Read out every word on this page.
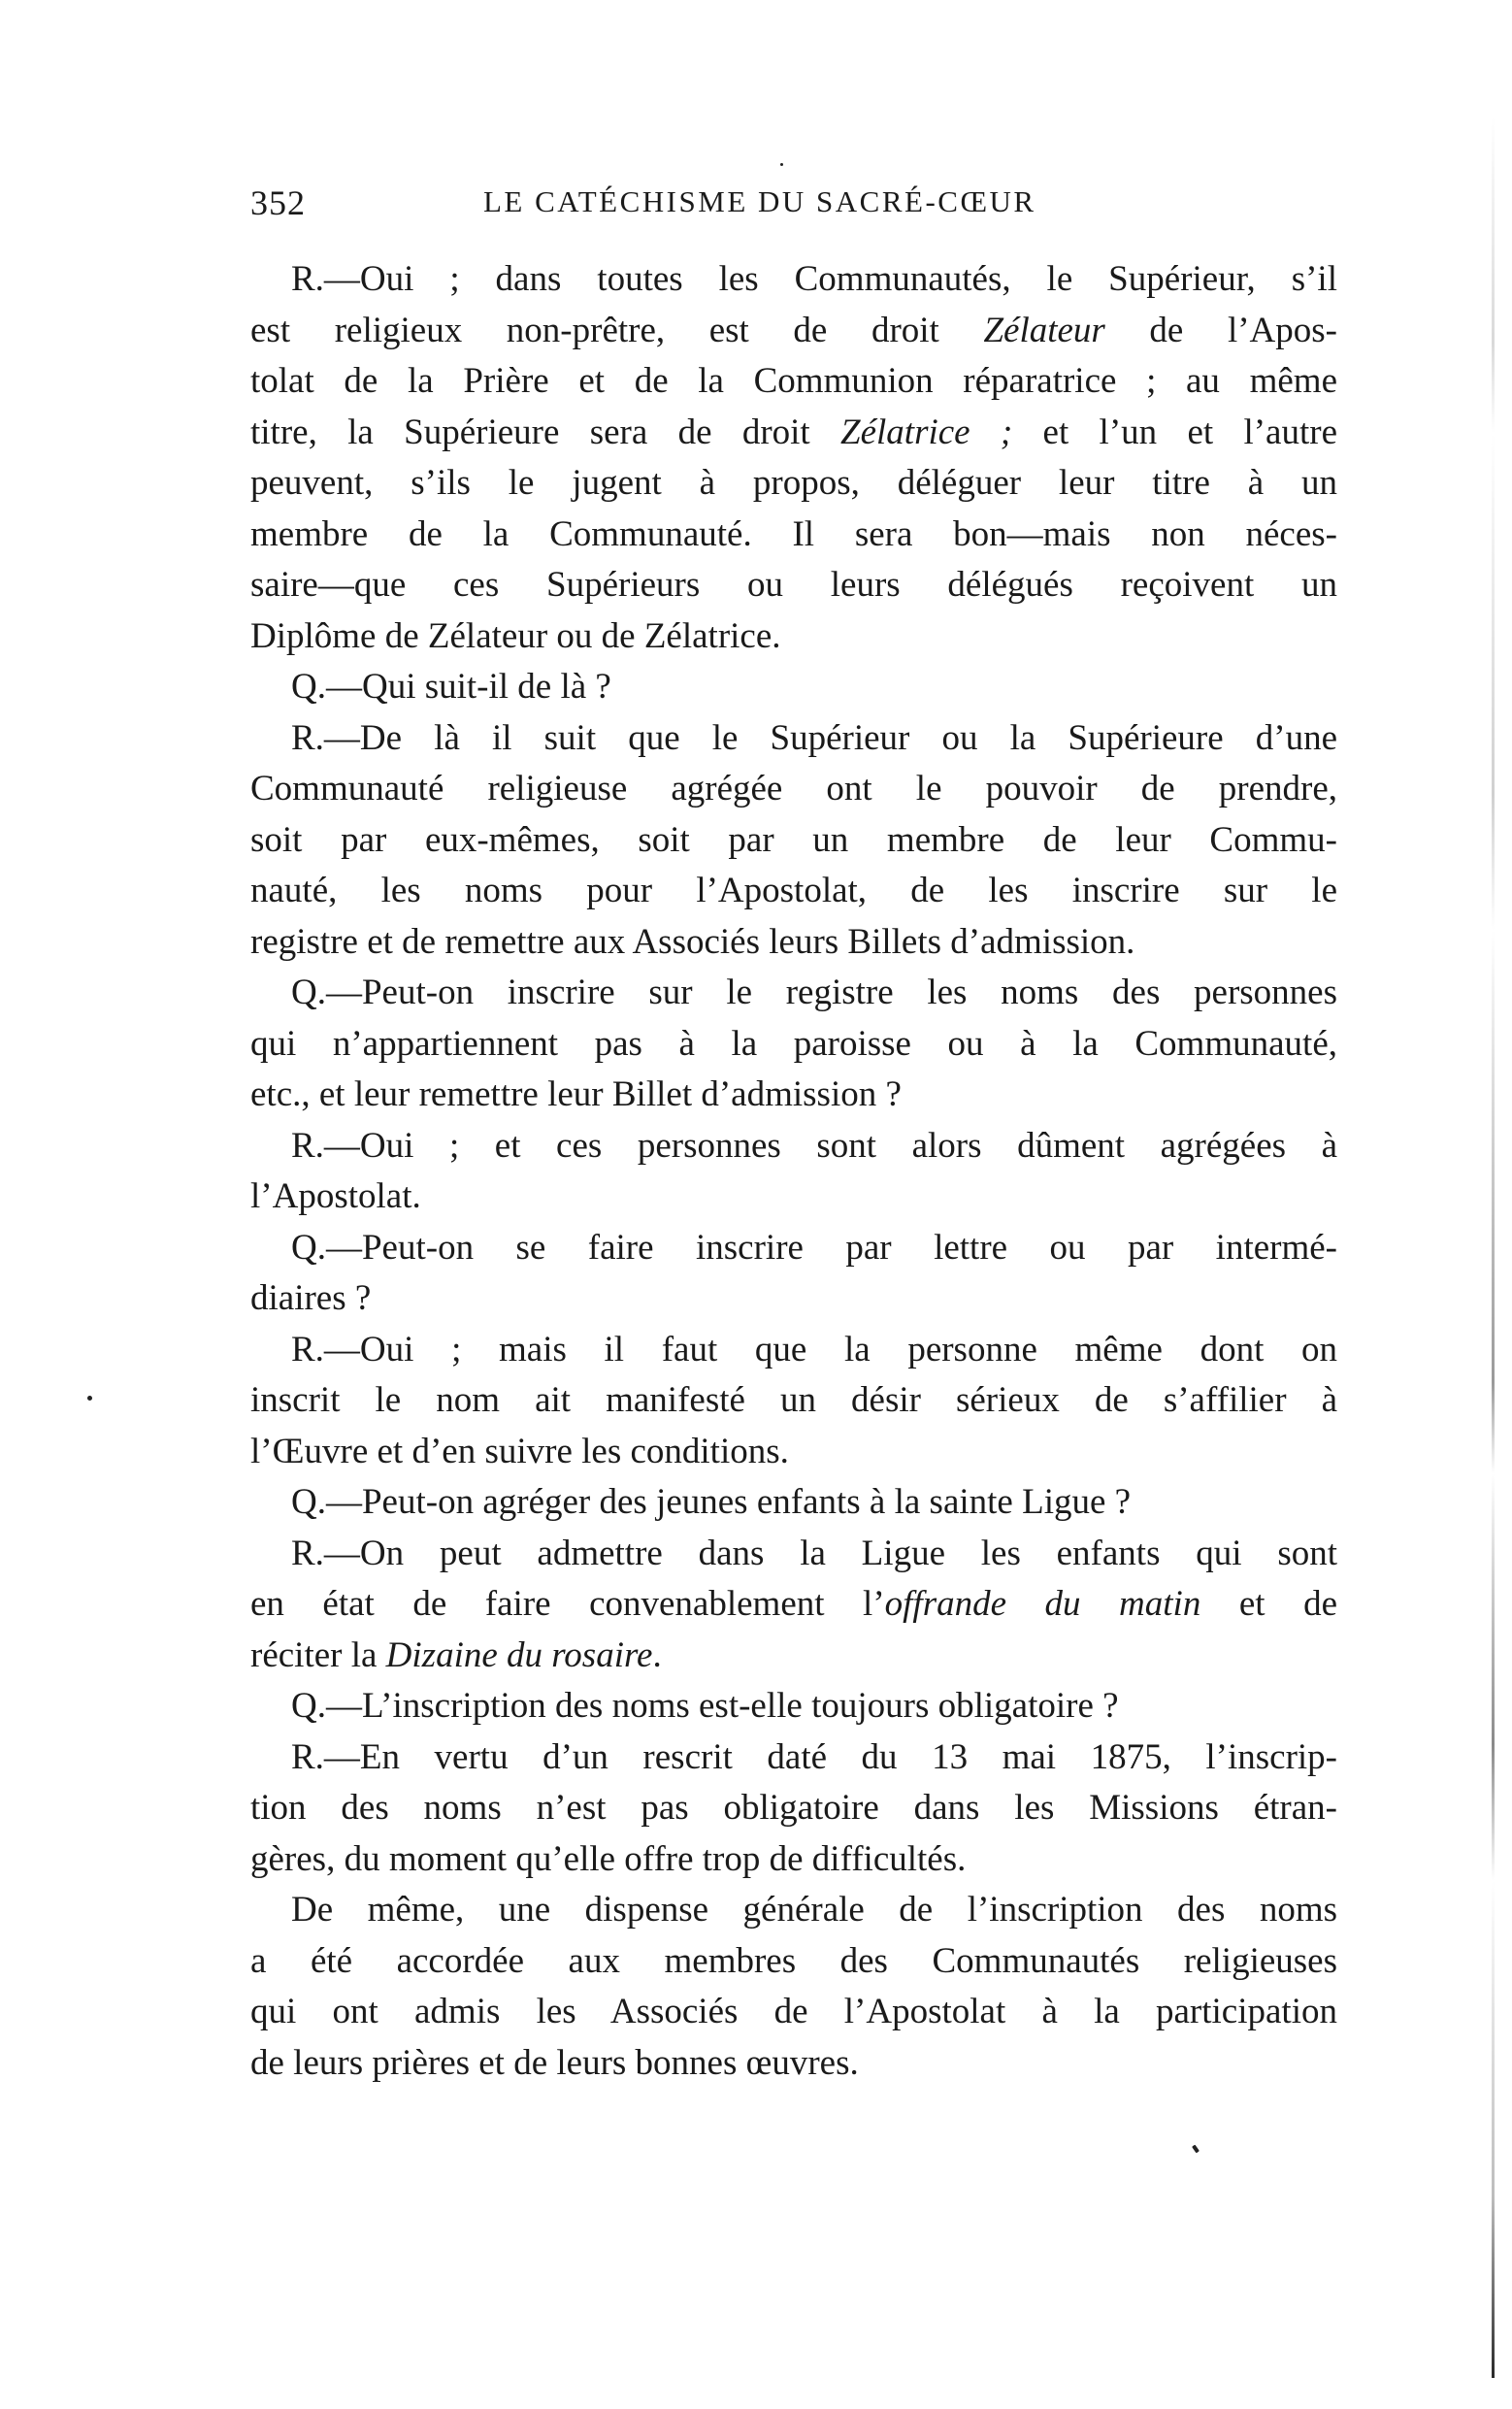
352	LE CATÉCHISME DU SACRÉ-CŒUR

R.—Oui ; dans toutes les Communautés, le Supérieur, s’il
est religieux non-prêtre, est de droit Zélateur de l’Apos-
tolat de la Prière et de la Communion réparatrice ; au même
titre, la Supérieure sera de droit Zélatrice ; et l’un et l’autre
peuvent, s’ils le jugent à propos, déléguer leur titre à un
membre de la Communauté. Il sera bon—mais non néces-
saire—que ces Supérieurs ou leurs délégués reçoivent un
Diplôme de Zélateur ou de Zélatrice.

Q.—Qui suit-il de là ?

R.—De là il suit que le Supérieur ou la Supérieure d’une
Communauté religieuse agrégée ont le pouvoir de prendre,
soit par eux-mêmes, soit par un membre de leur Commu-
nauté, les noms pour l’Apostolat, de les inscrire sur le
registre et de remettre aux Associés leurs Billets d’admission.

Q.—Peut-on inscrire sur le registre les noms des personnes
qui n’appartiennent pas à la paroisse ou à la Communauté,
etc., et leur remettre leur Billet d’admission ?

R.—Oui ; et ces personnes sont alors dûment agrégées à
l’Apostolat.

Q.—Peut-on se faire inscrire par lettre ou par intermé-
diaires ?

R.—Oui ; mais il faut que la personne même dont on
inscrit le nom ait manifesté un désir sérieux de s’affilier à
l’Œuvre et d’en suivre les conditions.

Q.—Peut-on agréger des jeunes enfants à la sainte Ligue ?

R.—On peut admettre dans la Ligue les enfants qui sont
en état de faire convenablement l’offrande du matin et de
réciter la Dizaine du rosaire.

Q.—L’inscription des noms est-elle toujours obligatoire ?

R.—En vertu d’un rescrit daté du 13 mai 1875, l’inscrip-
tion des noms n’est pas obligatoire dans les Missions étran-
gères, du moment qu’elle offre trop de difficultés.

De même, une dispense générale de l’inscription des noms
a été accordée aux membres des Communautés religieuses
qui ont admis les Associés de l’Apostolat à la participation
de leurs prières et de leurs bonnes œuvres.
